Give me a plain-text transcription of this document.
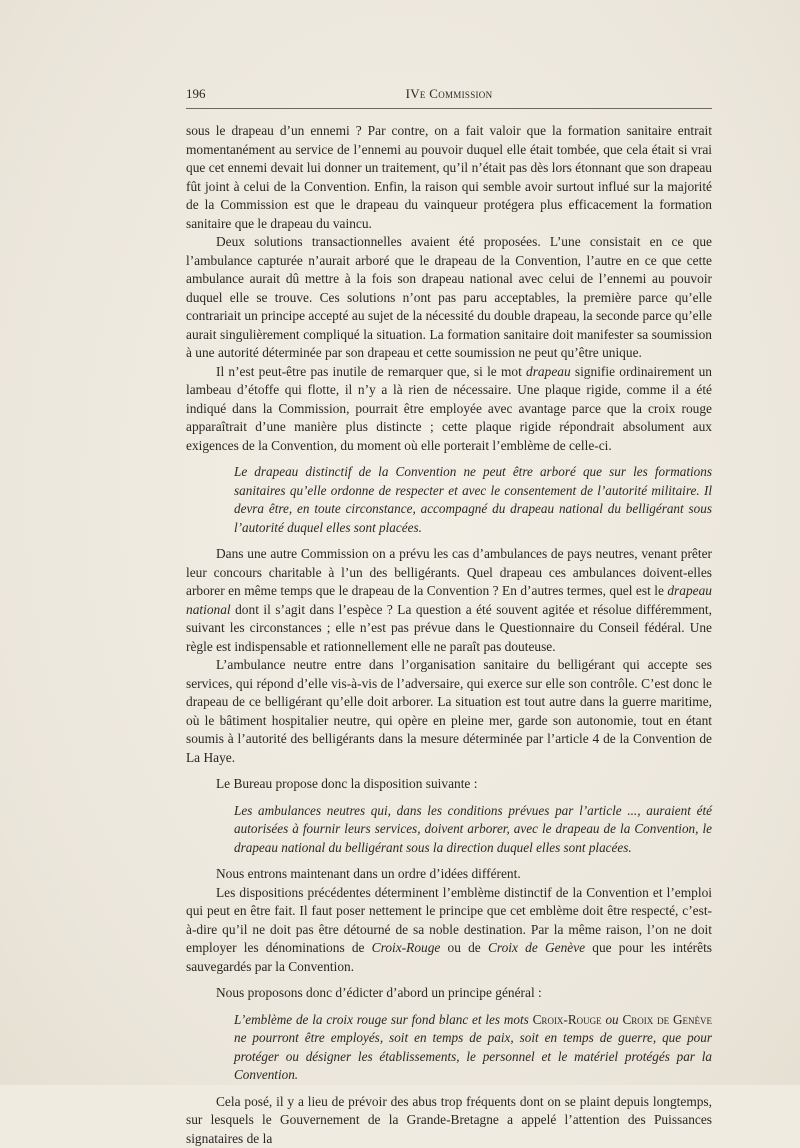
196	IVe Commission

sous le drapeau d’un ennemi ? Par contre, on a fait valoir que la formation sanitaire entrait momentanément au service de l’ennemi au pouvoir duquel elle était tombée, que cela était si vrai que cet ennemi devait lui donner un traitement, qu’il n’était pas dès lors étonnant que son drapeau fût joint à celui de la Convention. Enfin, la raison qui semble avoir surtout influé sur la majorité de la Commission est que le drapeau du vainqueur protégera plus efficacement la formation sanitaire que le drapeau du vaincu.

Deux solutions transactionnelles avaient été proposées. L’une consistait en ce que l’ambulance capturée n’aurait arboré que le drapeau de la Convention, l’autre en ce que cette ambulance aurait dû mettre à la fois son drapeau national avec celui de l’ennemi au pouvoir duquel elle se trouve. Ces solutions n’ont pas paru acceptables, la première parce qu’elle contrariait un principe accepté au sujet de la nécessité du double drapeau, la seconde parce qu’elle aurait singulièrement compliqué la situation. La formation sanitaire doit manifester sa soumission à une autorité déterminée par son drapeau et cette soumission ne peut qu’être unique.

Il n’est peut-être pas inutile de remarquer que, si le mot drapeau signifie ordinairement un lambeau d’étoffe qui flotte, il n’y a là rien de nécessaire. Une plaque rigide, comme il a été indiqué dans la Commission, pourrait être employée avec avantage parce que la croix rouge apparaîtrait d’une manière plus distincte ; cette plaque rigide répondrait absolument aux exigences de la Convention, du moment où elle porterait l’emblème de celle-ci.

Le drapeau distinctif de la Convention ne peut être arboré que sur les formations sanitaires qu’elle ordonne de respecter et avec le consentement de l’autorité militaire. Il devra être, en toute circonstance, accompagné du drapeau national du belligérant sous l’autorité duquel elles sont placées.

Dans une autre Commission on a prévu les cas d’ambulances de pays neutres, venant prêter leur concours charitable à l’un des belligérants. Quel drapeau ces ambulances doivent-elles arborer en même temps que le drapeau de la Convention ? En d’autres termes, quel est le drapeau national dont il s’agit dans l’espèce ? La question a été souvent agitée et résolue différemment, suivant les circonstances ; elle n’est pas prévue dans le Questionnaire du Conseil fédéral. Une règle est indispensable et rationnellement elle ne paraît pas douteuse.

L’ambulance neutre entre dans l’organisation sanitaire du belligérant qui accepte ses services, qui répond d’elle vis-à-vis de l’adversaire, qui exerce sur elle son contrôle. C’est donc le drapeau de ce belligérant qu’elle doit arborer. La situation est tout autre dans la guerre maritime, où le bâtiment hospitalier neutre, qui opère en pleine mer, garde son autonomie, tout en étant soumis à l’autorité des belligérants dans la mesure déterminée par l’article 4 de la Convention de La Haye.

Le Bureau propose donc la disposition suivante :

Les ambulances neutres qui, dans les conditions prévues par l’article ..., auraient été autorisées à fournir leurs services, doivent arborer, avec le drapeau de la Convention, le drapeau national du belligérant sous la direction duquel elles sont placées.

Nous entrons maintenant dans un ordre d’idées différent.

Les dispositions précédentes déterminent l’emblème distinctif de la Convention et l’emploi qui peut en être fait. Il faut poser nettement le principe que cet emblème doit être respecté, c’est-à-dire qu’il ne doit pas être détourné de sa noble destination. Par la même raison, l’on ne doit employer les dénominations de Croix-Rouge ou de Croix de Genève que pour les intérêts sauvegardés par la Convention.

Nous proposons donc d’édicter d’abord un principe général :

L’emblème de la croix rouge sur fond blanc et les mots Croix-Rouge ou Croix de Genève ne pourront être employés, soit en temps de paix, soit en temps de guerre, que pour protéger ou désigner les établissements, le personnel et le matériel protégés par la Convention.

Cela posé, il y a lieu de prévoir des abus trop fréquents dont on se plaint depuis longtemps, sur lesquels le Gouvernement de la Grande-Bretagne a appelé l’attention des Puissances signataires de la
